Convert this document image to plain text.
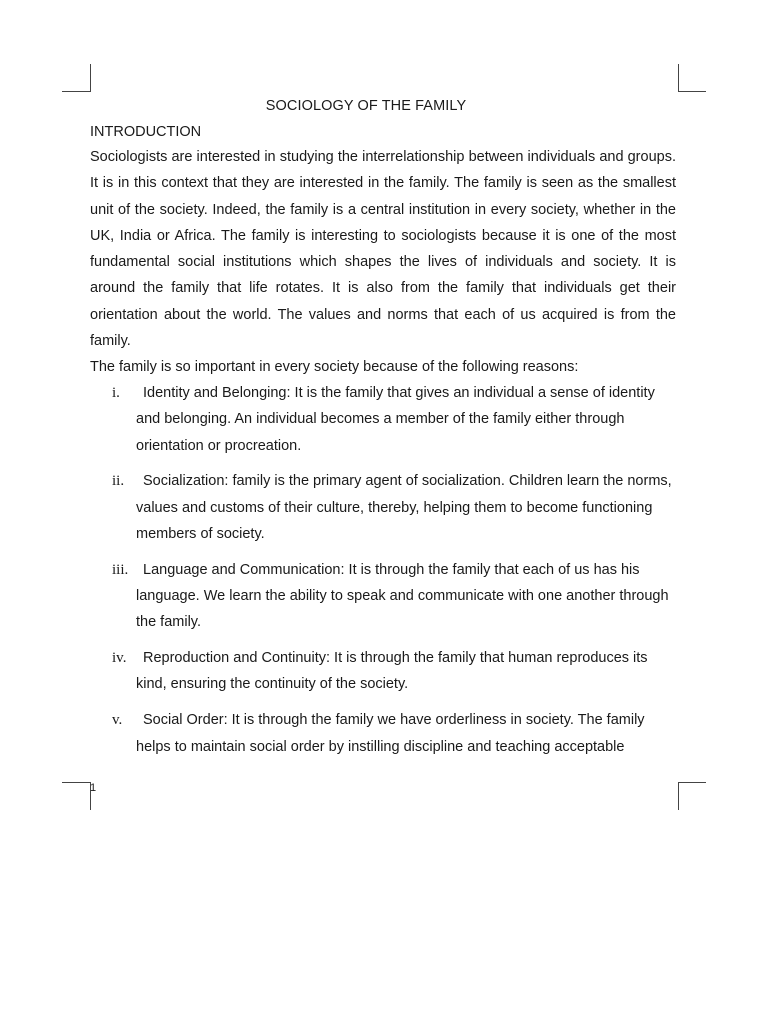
SOCIOLOGY OF THE FAMILY
INTRODUCTION

Sociologists are interested in studying the interrelationship between individuals and groups. It is in this context that they are interested in the family. The family is seen as the smallest unit of the society. Indeed, the family is a central institution in every society, whether in the UK, India or Africa. The family is interesting to sociologists because it is one of the most fundamental social institutions which shapes the lives of individuals and society. It is around the family that life rotates. It is also from the family that individuals get their orientation about the world. The values and norms that each of us acquired is from the family.

The family is so important in every society because of the following reasons:

i.	Identity and Belonging: It is the family that gives an individual a sense of identity and belonging. An individual becomes a member of the family either through orientation or procreation.
ii.	Socialization: family is the primary agent of socialization. Children learn the norms, values and customs of their culture, thereby, helping them to become functioning members of society.
iii.	Language and Communication: It is through the family that each of us has his language. We learn the ability to speak and communicate with one another through the family.
iv.	Reproduction and Continuity: It is through the family that human reproduces its kind, ensuring the continuity of the society.
v.	Social Order: It is through the family we have orderliness in society. The family helps to maintain social order by instilling discipline and teaching acceptable
1
